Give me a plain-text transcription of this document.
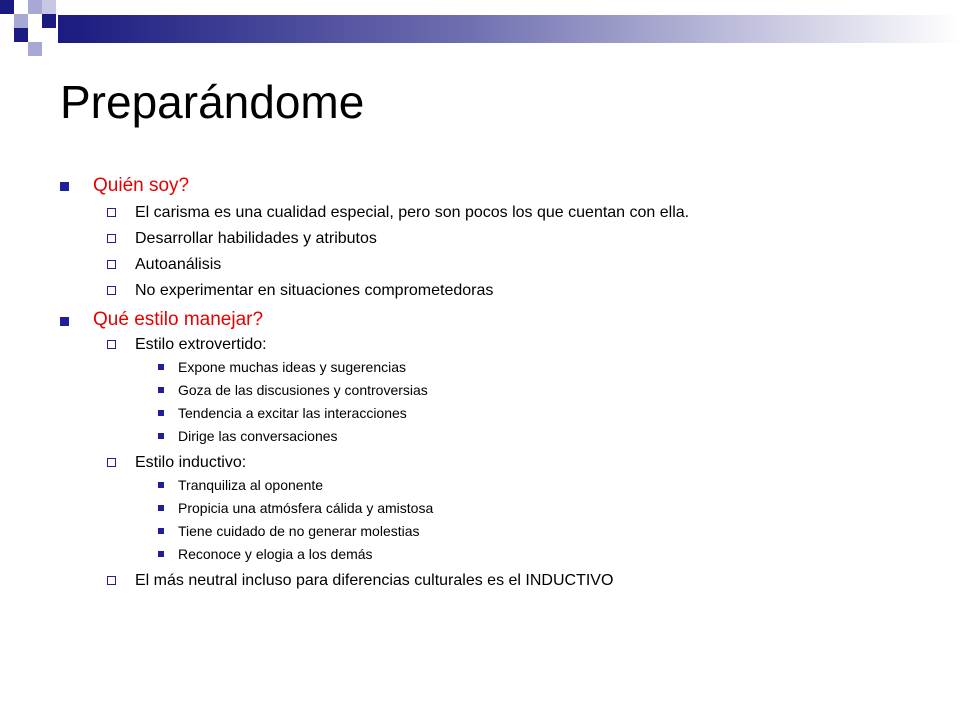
Preparándome
Quién soy?
El carisma es una cualidad especial, pero son pocos los que cuentan con ella.
Desarrollar habilidades y atributos
Autoanálisis
No experimentar en situaciones comprometedoras
Qué estilo manejar?
Estilo extrovertido:
Expone muchas ideas y sugerencias
Goza de las discusiones y controversias
Tendencia a excitar las interacciones
Dirige las conversaciones
Estilo inductivo:
Tranquiliza al oponente
Propicia una atmósfera cálida y amistosa
Tiene cuidado de no generar molestias
Reconoce y elogia a los demás
El más neutral incluso para diferencias culturales es el INDUCTIVO
